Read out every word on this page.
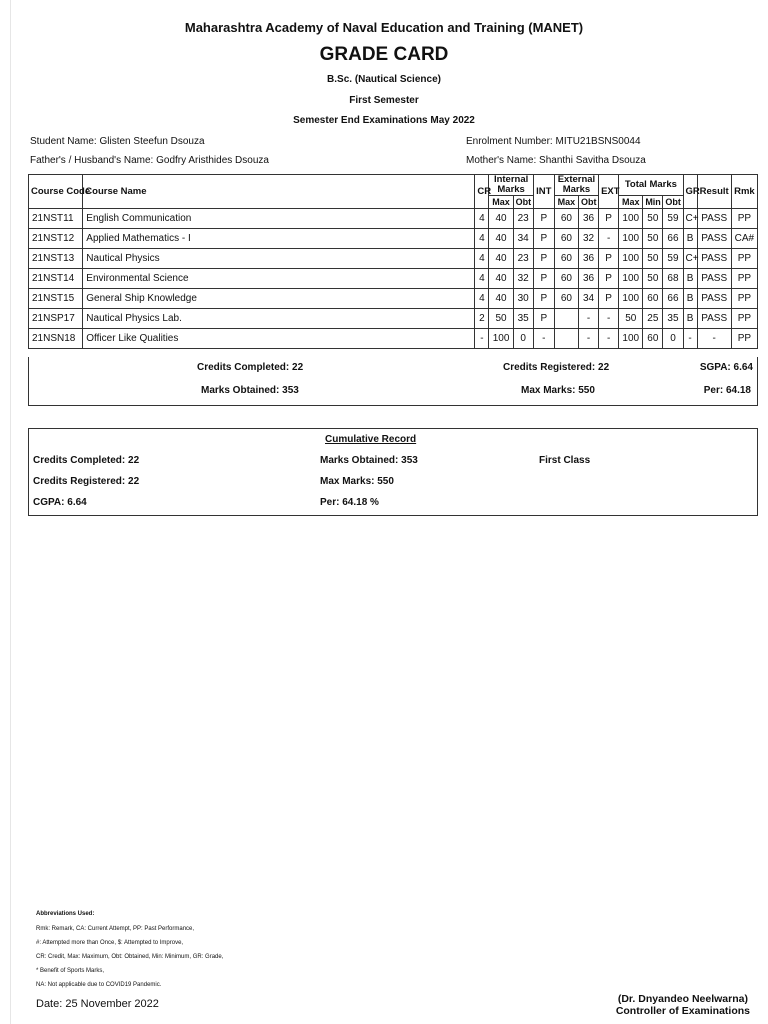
Maharashtra Academy of Naval Education and Training (MANET)
GRADE CARD
B.Sc. (Nautical Science)
First Semester
Semester End Examinations May 2022
Student Name: Glisten Steefun Dsouza	Enrolment Number: MITU21BSNS0044
Father's / Husband's Name: Godfry Aristhides Dsouza	Mother's Name: Shanthi Savitha Dsouza
Course Code	Course Name	CR	Internal Marks		INT	External Marks		EXT	Total Marks			GR	Result	Rmk
			Max	Obt		Max	Obt		Max	Min	Obt			
21NST11	English Communication	4	40	23	P	60	36	P	100	50	59	C+	PASS	PP
21NST12	Applied Mathematics - I	4	40	34	P	60	32	-	100	50	66	B	PASS	CA#
21NST13	Nautical Physics	4	40	23	P	60	36	P	100	50	59	C+	PASS	PP
21NST14	Environmental Science	4	40	32	P	60	36	P	100	50	68	B	PASS	PP
21NST15	General Ship Knowledge	4	40	30	P	60	34	P	100	60	66	B	PASS	PP
21NSP17	Nautical Physics Lab.	2	50	35	P		-	-	50	25	35	B	PASS	PP
21NSN18	Officer Like Qualities	-	100	0	-		-	-	100	60	0	-	-	PP
Credits Completed: 22	Credits Registered: 22	SGPA: 6.64
Marks Obtained: 353	Max Marks: 550	Per: 64.18
Cumulative Record
Credits Completed: 22	Marks Obtained: 353	First Class
Credits Registered: 22	Max Marks: 550
CGPA: 6.64	Per: 64.18 %
Abbreviations Used:
Rmk: Remark, CA: Current Attempt, PP: Past Performance,
#: Attempted more than Once, $: Attempted to Improve,
CR: Credit, Max: Maximum, Obt: Obtained, Min: Minimum, GR: Grade,
* Benefit of Sports Marks,
NA: Not applicable due to COVID19 Pandemic.
Date: 25 November 2022	(Dr. Dnyandeo Neelwarna)
Controller of Examinations
